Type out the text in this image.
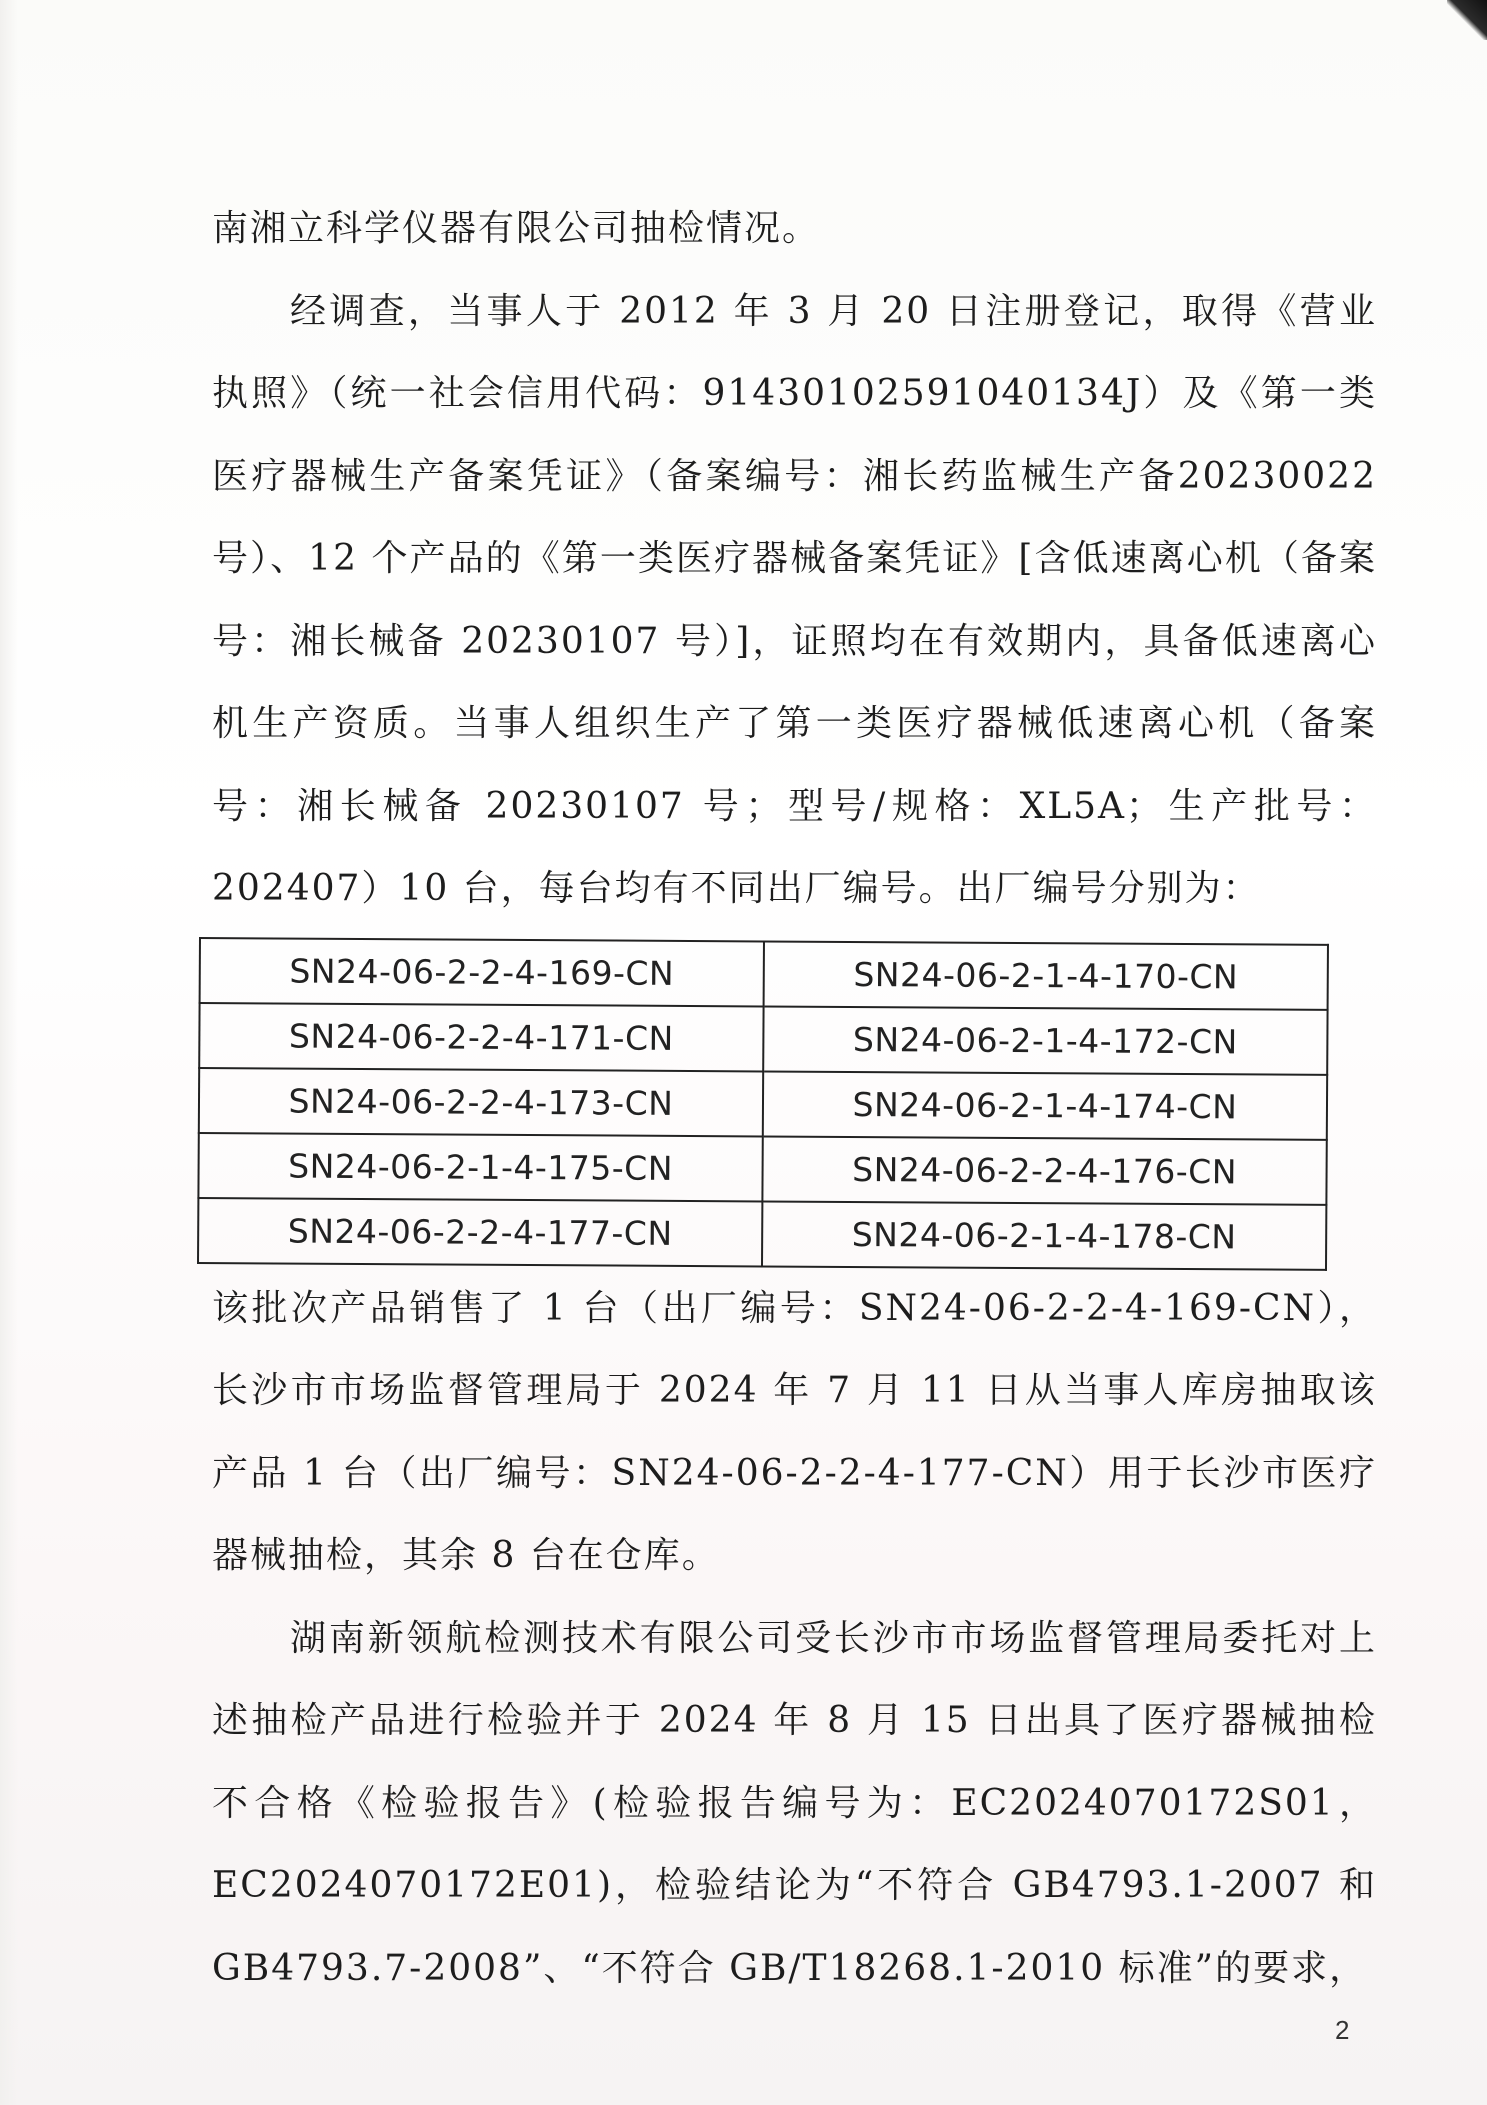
南湘立科学仪器有限公司抽检情况。

经调查，当事人于 2012 年 3 月 20 日注册登记，取得《营业执照》（统一社会信用代码：91430102591040134J）及《第一类医疗器械生产备案凭证》（备案编号：湘长药监械生产备20230022 号）、12 个产品的《第一类医疗器械备案凭证》[含低速离心机（备案号：湘长械备 20230107 号）]，证照均在有效期内，具备低速离心机生产资质。当事人组织生产了第一类医疗器械低速离心机（备案号：湘长械备 20230107 号；型号/规格：XL5A；生产批号：202407）10 台，每台均有不同出厂编号。出厂编号分别为：

SN24-06-2-2-4-169-CN	SN24-06-2-1-4-170-CN
SN24-06-2-2-4-171-CN	SN24-06-2-1-4-172-CN
SN24-06-2-2-4-173-CN	SN24-06-2-1-4-174-CN
SN24-06-2-1-4-175-CN	SN24-06-2-2-4-176-CN
SN24-06-2-2-4-177-CN	SN24-06-2-1-4-178-CN

该批次产品销售了 1 台（出厂编号：SN24-06-2-2-4-169-CN），长沙市市场监督管理局于 2024 年 7 月 11 日从当事人库房抽取该产品 1 台（出厂编号：SN24-06-2-2-4-177-CN）用于长沙市医疗器械抽检，其余 8 台在仓库。

湖南新领航检测技术有限公司受长沙市市场监督管理局委托对上述抽检产品进行检验并于 2024 年 8 月 15 日出具了医疗器械抽检不合格《检验报告》(检验报告编号为：EC2024070172S01，EC2024070172E01)，检验结论为“不符合 GB4793.1-2007 和 GB4793.7-2008”、“不符合 GB/T18268.1-2010 标准”的要求，

2
